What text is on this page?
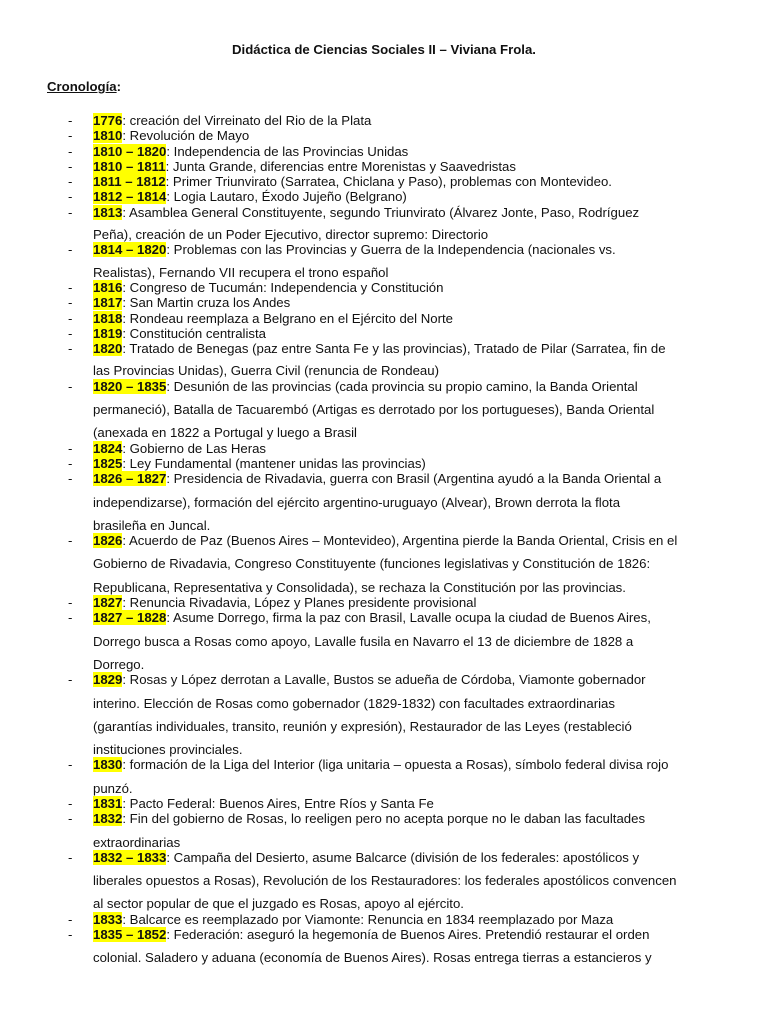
Didáctica de Ciencias Sociales II – Viviana Frola.
Cronología:
- 1776: creación del Virreinato del Rio de la Plata
- 1810: Revolución de Mayo
- 1810 – 1820: Independencia de las Provincias Unidas
- 1810 – 1811: Junta Grande, diferencias entre Morenistas y Saavedristas
- 1811 – 1812: Primer Triunvirato (Sarratea, Chiclana y Paso), problemas con Montevideo.
- 1812 – 1814: Logia Lautaro, Éxodo Jujeño (Belgrano)
- 1813: Asamblea General Constituyente, segundo Triunvirato (Álvarez Jonte, Paso, Rodríguez
Peña), creación de un Poder Ejecutivo, director supremo: Directorio
- 1814 – 1820: Problemas con las Provincias y Guerra de la Independencia (nacionales vs.
Realistas), Fernando VII recupera el trono español
- 1816: Congreso de Tucumán: Independencia y Constitución
- 1817: San Martin cruza los Andes
- 1818: Rondeau reemplaza a Belgrano en el Ejército del Norte
- 1819: Constitución centralista
- 1820: Tratado de Benegas (paz entre Santa Fe y las provincias), Tratado de Pilar (Sarratea, fin de
las Provincias Unidas), Guerra Civil (renuncia de Rondeau)
- 1820 – 1835: Desunión de las provincias (cada provincia su propio camino, la Banda Oriental
permaneció), Batalla de Tacuarembó (Artigas es derrotado por los portugueses), Banda Oriental
(anexada en 1822 a Portugal y luego a Brasil
- 1824: Gobierno de Las Heras
- 1825: Ley Fundamental (mantener unidas las provincias)
- 1826 – 1827: Presidencia de Rivadavia, guerra con Brasil (Argentina ayudó a la Banda Oriental a
independizarse), formación del ejército argentino-uruguayo (Alvear), Brown derrota la flota
brasileña en Juncal.
- 1826: Acuerdo de Paz (Buenos Aires – Montevideo), Argentina pierde la Banda Oriental, Crisis en el
Gobierno de Rivadavia, Congreso Constituyente (funciones legislativas y Constitución de 1826:
Republicana, Representativa y Consolidada), se rechaza la Constitución por las provincias.
- 1827: Renuncia Rivadavia, López y Planes presidente provisional
- 1827 – 1828: Asume Dorrego, firma la paz con Brasil, Lavalle ocupa la ciudad de Buenos Aires,
Dorrego busca a Rosas como apoyo, Lavalle fusila en Navarro el 13 de diciembre de 1828 a
Dorrego.
- 1829: Rosas y López derrotan a Lavalle, Bustos se adueña de Córdoba, Viamonte gobernador
interino. Elección de Rosas como gobernador (1829-1832) con facultades extraordinarias
(garantías individuales, transito, reunión y expresión), Restaurador de las Leyes (restableció
instituciones provinciales.
- 1830: formación de la Liga del Interior (liga unitaria – opuesta a Rosas), símbolo federal divisa rojo
punzó.
- 1831: Pacto Federal: Buenos Aires, Entre Ríos y Santa Fe
- 1832: Fin del gobierno de Rosas, lo reeligen pero no acepta porque no le daban las facultades
extraordinarias
- 1832 – 1833: Campaña del Desierto, asume Balcarce (división de los federales: apostólicos y
liberales opuestos a Rosas), Revolución de los Restauradores: los federales apostólicos convencen
al sector popular de que el juzgado es Rosas, apoyo al ejército.
- 1833: Balcarce es reemplazado por Viamonte: Renuncia en 1834 reemplazado por Maza
- 1835 – 1852: Federación: aseguró la hegemonía de Buenos Aires. Pretendió restaurar el orden
colonial. Saladero y aduana (economía de Buenos Aires). Rosas entrega tierras a estancieros y
